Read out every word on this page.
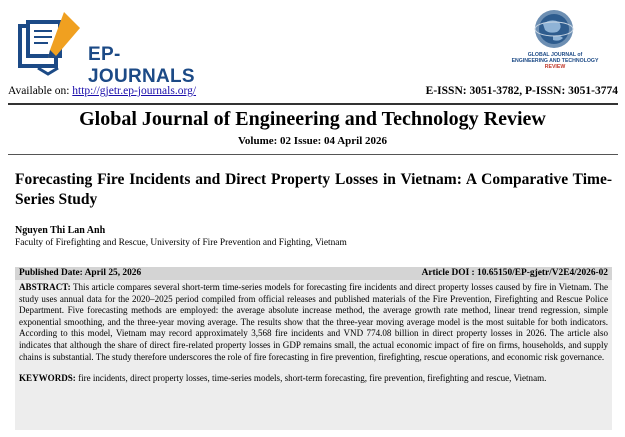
EP-JOURNALS
GLOBAL JOURNAL of
ENGINEERING AND TECHNOLOGY
REVIEW
Available on: http://gjetr.ep-journals.org/	E-ISSN: 3051-3782, P-ISSN: 3051-3774
Global Journal of Engineering and Technology Review
Volume: 02 Issue: 04 April 2026
Forecasting Fire Incidents and Direct Property Losses in Vietnam: A Comparative Time-Series Study
Nguyen Thi Lan Anh
Faculty of Firefighting and Rescue, University of Fire Prevention and Fighting, Vietnam
Published Date: April 25, 2026	Article DOI : 10.65150/EP-gjetr/V2E4/2026-02

ABSTRACT: This article compares several short-term time-series models for forecasting fire incidents and direct property losses caused by fire in Vietnam. The study uses annual data for the 2020–2025 period compiled from official releases and published materials of the Fire Prevention, Firefighting and Rescue Police Department. Five forecasting methods are employed: the average absolute increase method, the average growth rate method, linear trend regression, simple exponential smoothing, and the three-year moving average. The results show that the three-year moving average model is the most suitable for both indicators. According to this model, Vietnam may record approximately 3,568 fire incidents and VND 774.08 billion in direct property losses in 2026. The article also indicates that although the share of direct fire-related property losses in GDP remains small, the actual economic impact of fire on firms, households, and supply chains is substantial. The study therefore underscores the role of fire forecasting in fire prevention, firefighting, rescue operations, and economic risk governance.

KEYWORDS: fire incidents, direct property losses, time-series models, short-term forecasting, fire prevention, firefighting and rescue, Vietnam.
